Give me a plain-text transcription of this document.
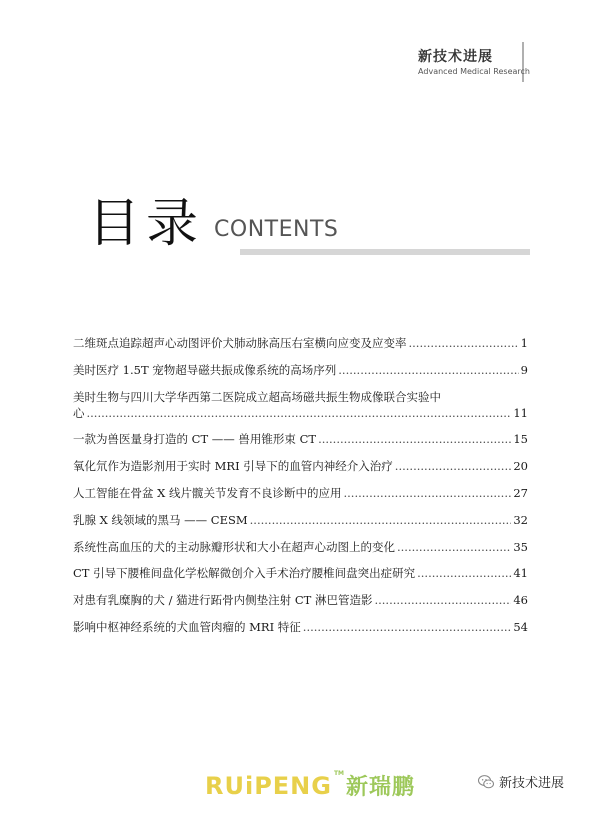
新技术进展
Advanced Medical Research
目录 CONTENTS
二维斑点追踪超声心动图评价犬肺动脉高压右室横向应变及应变率 .....	1
美时医疗 1.5T 宠物超导磁共振成像系统的高场序列 .....	9
美时生物与四川大学华西第二医院成立超高场磁共振生物成像联合实验中
心 .....	11
一款为兽医量身打造的 CT —— 兽用锥形束 CT .....	15
氧化氘作为造影剂用于实时 MRI 引导下的血管内神经介入治疗 .....	20
人工智能在骨盆 X 线片髋关节发育不良诊断中的应用 .....	27
乳腺 X 线领域的黑马 —— CESM .....	32
系统性高血压的犬的主动脉瓣形状和大小在超声心动图上的变化 .....	35
CT 引导下腰椎间盘化学松解微创介入手术治疗腰椎间盘突出症研究 .....	41
对患有乳糜胸的犬 / 猫进行跖骨内侧垫注射 CT 淋巴管造影 .....	46
影响中枢神经系统的犬血管肉瘤的 MRI 特征 .....	54
RUiPENG TM
新瑞鹏	新技术进展
